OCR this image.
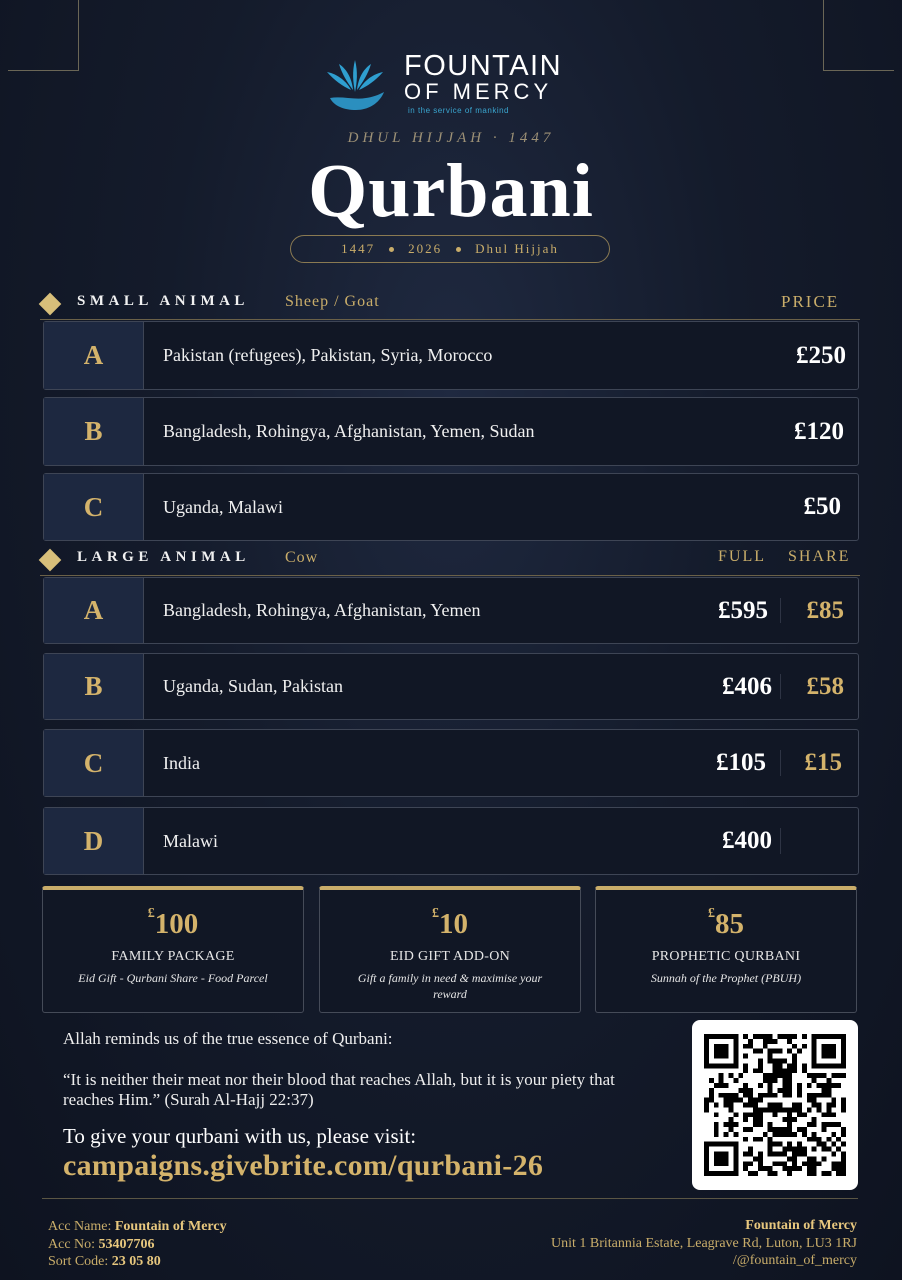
FOUNTAIN
OF MERCY
in the service of mankind
DHUL HIJJAH · 1447
Qurbani
1447	2026	Dhul Hijjah
SMALL ANIMAL Sheep / Goat	PRICE
A	Pakistan (refugees), Pakistan, Syria, Morocco	£250
B	Bangladesh, Rohingya, Afghanistan, Yemen, Sudan	£120
C	Uganda, Malawi	£50
LARGE ANIMAL Cow	FULL SHARE
A	Bangladesh, Rohingya, Afghanistan, Yemen	£595 £85
B	Uganda, Sudan, Pakistan	£406 £58
C	India	£105 £15
D	Malawi	£400
£100
FAMILY PACKAGE
Eid Gift - Qurbani Share - Food Parcel
£10
EID GIFT ADD-ON
Gift a family in need & maximise your reward
£85
PROPHETIC QURBANI
Sunnah of the Prophet (PBUH)
Allah reminds us of the true essence of Qurbani:
“It is neither their meat nor their blood that reaches Allah, but it is your piety that reaches Him.” (Surah Al-Hajj 22:37)
To give your qurbani with us, please visit:
campaigns.givebrite.com/qurbani-26
Acc Name: Fountain of Mercy
Acc No: 53407706
Sort Code: 23 05 80
Fountain of Mercy
Unit 1 Britannia Estate, Leagrave Rd, Luton, LU3 1RJ
/@fountain_of_mercy
